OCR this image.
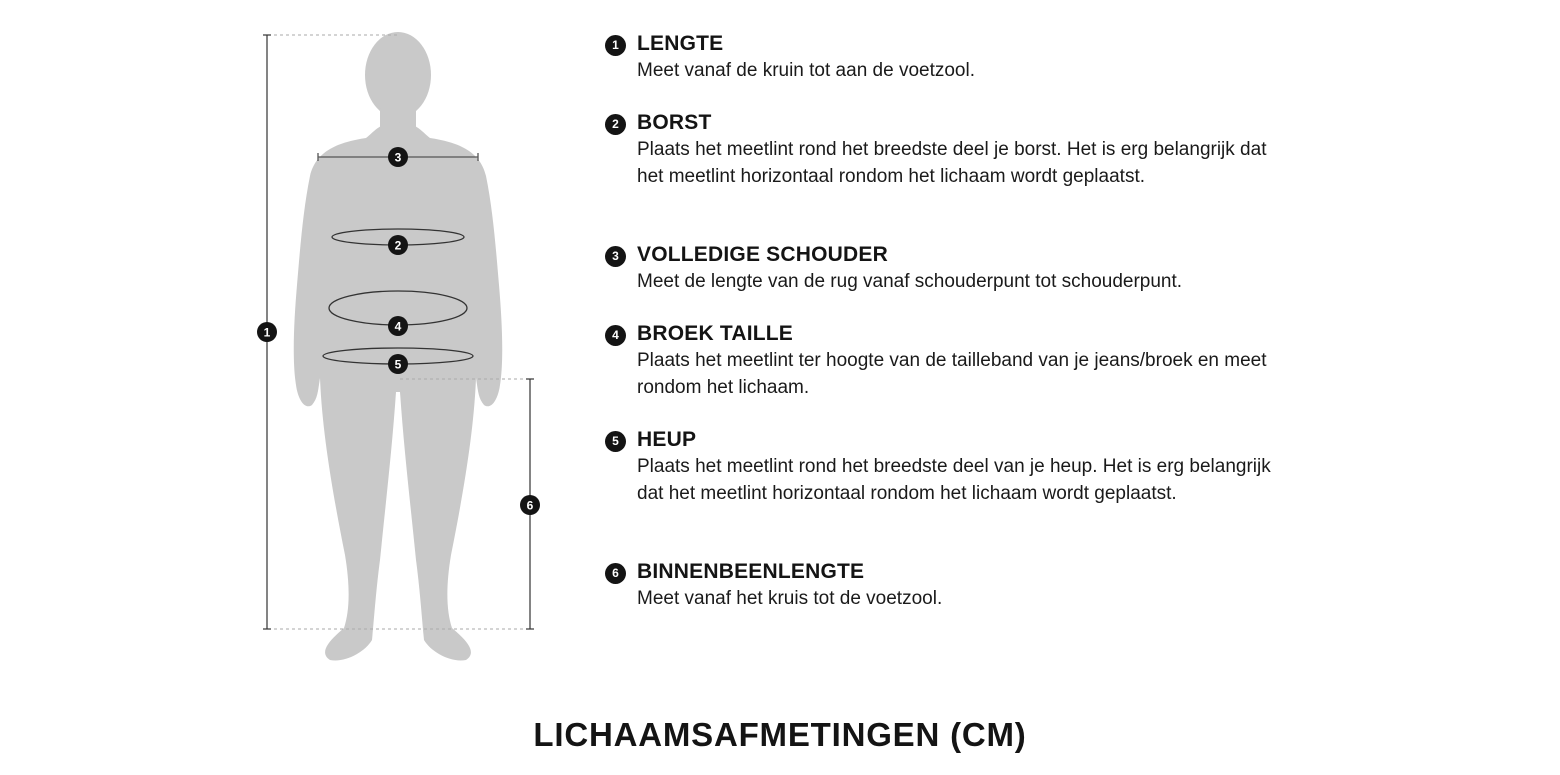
1
2
3
4
5
6
1 LENGTE

Meet vanaf de kruin tot aan de voetzool.

2 BORST

Plaats het meetlint rond het breedste deel je borst. Het is erg belangrijk dat het meetlint horizontaal rondom het lichaam wordt geplaatst.

3 VOLLEDIGE SCHOUDER

Meet de lengte van de rug vanaf schouderpunt tot schouderpunt.

4 BROEK TAILLE

Plaats het meetlint ter hoogte van de tailleband van je jeans/broek en meet rondom het lichaam.

5 HEUP

Plaats het meetlint rond het breedste deel van je heup. Het is erg belangrijk dat het meetlint horizontaal rondom het lichaam wordt geplaatst.

6 BINNENBEENLENGTE

Meet vanaf het kruis tot de voetzool.

LICHAAMSAFMETINGEN (CM)
